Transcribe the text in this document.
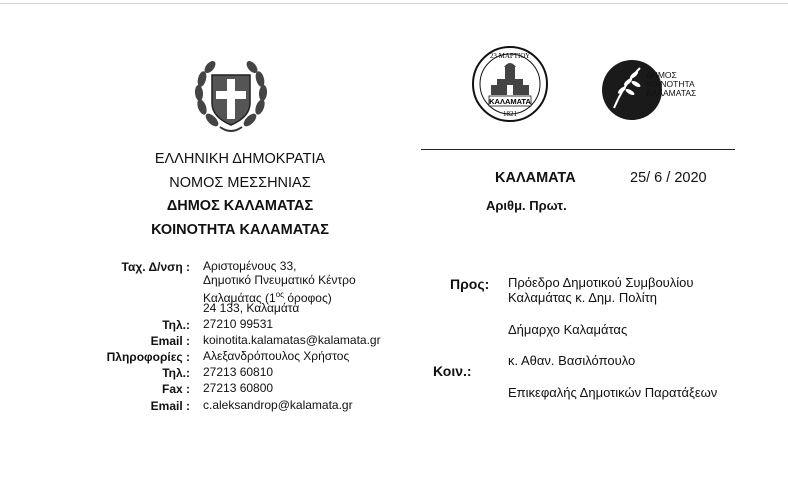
23 ΜΑΡΤΙΟΥ
ΚΑΛΑΜΑΤΑ
1821
ΔΗΜΟΣ
ΚΟΙΝΟΤΗΤΑ
ΚΑΛΑΜΑΤΑΣ
ΕΛΛΗΝΙΚΗ ΔΗΜΟΚΡΑΤΙΑ
ΝΟΜΟΣ ΜΕΣΣΗΝΙΑΣ
ΔΗΜΟΣ ΚΑΛΑΜΑΤΑΣ
ΚΟΙΝΟΤΗΤΑ ΚΑΛΑΜΑΤΑΣ
ΚΑΛΑΜΑΤΑ	25/ 6 / 2020
Αριθμ. Πρωτ.
Ταχ. Δ/νση : Αριστομένους 33,
Δημοτικό Πνευματικό Κέντρο
Καλαμάτας ($1^{o\varsigma}$ όροφος)
24 133, Καλαμάτα
Τηλ.: 27210 99531
Email : koinotita.kalamatas@kalamata.gr
Πληροφορίες : Αλεξανδρόπουλος Χρήστος
Τηλ.: 27213 60810
Fax : 27213 60800
Email : c.aleksandrop@kalamata.gr
Προς: Πρόεδρο Δημοτικού Συμβουλίου
Καλαμάτας κ. Δημ. Πολίτη
Δήμαρχο Καλαμάτας
Κοιν.:
κ. Αθαν. Βασιλόπουλο
Επικεφαλής Δημοτικών Παρατάξεων
